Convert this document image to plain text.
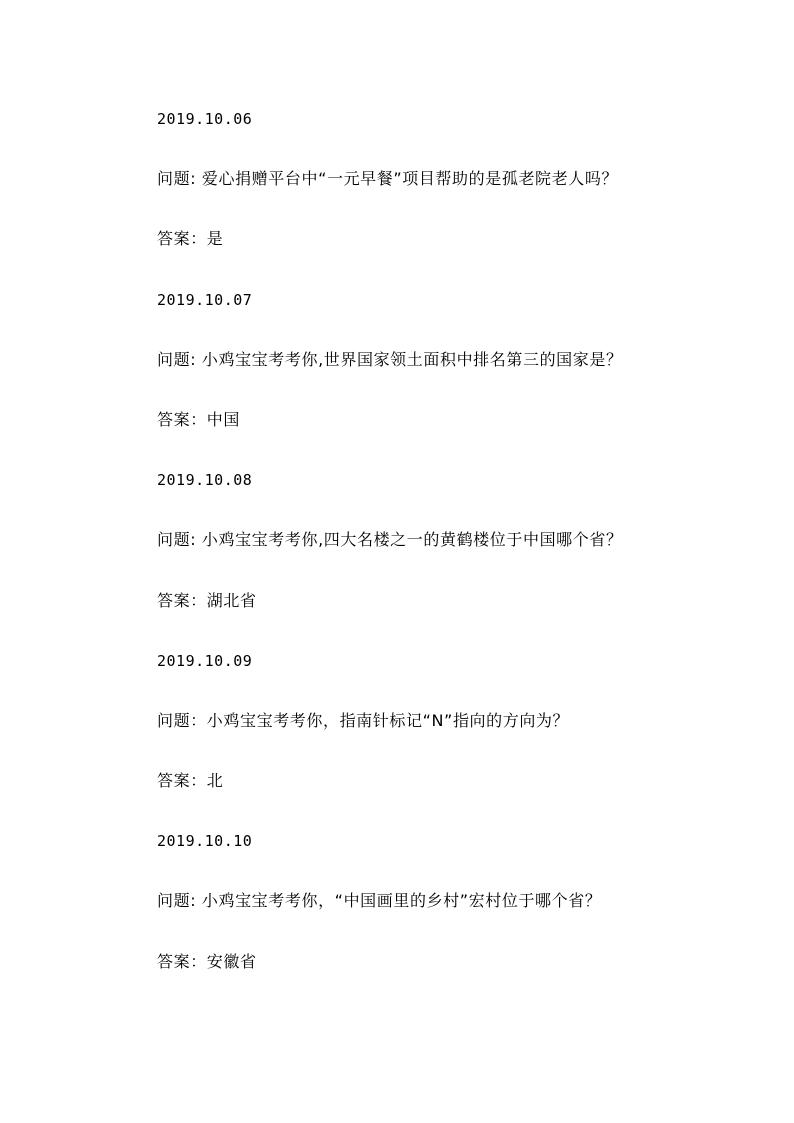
2019.10.06
问题: 爱心捐赠平台中“一元早餐”项目帮助的是孤老院老人吗？
答案：是
2019.10.07
问题: 小鸡宝宝考考你,世界国家领土面积中排名第三的国家是？
答案：中国
2019.10.08
问题: 小鸡宝宝考考你,四大名楼之一的黄鹤楼位于中国哪个省？
答案：湖北省
2019.10.09
问题：小鸡宝宝考考你，指南针标记“N”指向的方向为？
答案：北
2019.10.10
问题: 小鸡宝宝考考你，“中国画里的乡村”宏村位于哪个省？
答案：安徽省
